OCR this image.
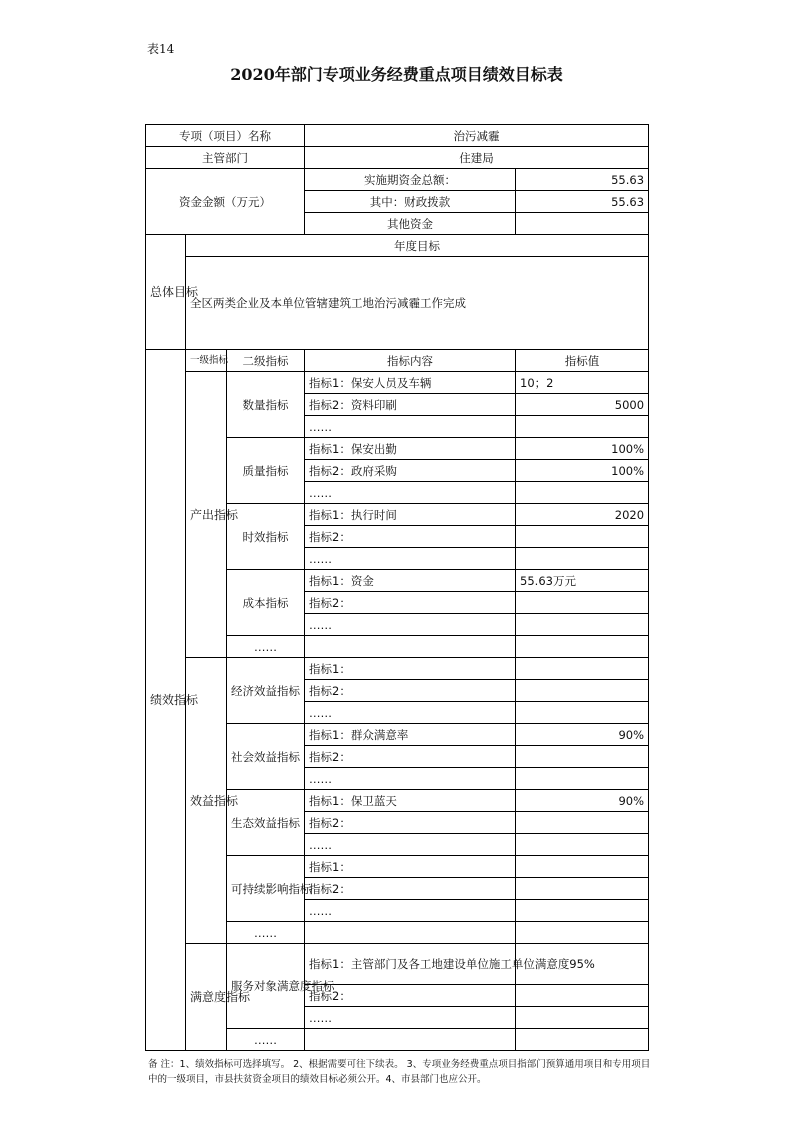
表14
2020年部门专项业务经费重点项目绩效目标表
专项（项目）名称			治污减霾	
主管部门			住建局	
资金金额（万元）			实施期资金总额：	55.63
			其中：财政拨款	55.63
			其他资金	
总体目标	年度目标			
	全区两类企业及本单位管辖建筑工地治污减霾工作完成			
绩效指标	一级指标	二级指标	指标内容	指标值
	产出指标	数量指标	指标1：保安人员及车辆	10；2
			指标2：资料印刷	5000
			……	
		质量指标	指标1：保安出勤	100%
			指标2：政府采购	100%
			……	
		时效指标	指标1：执行时间	2020
			指标2：	
			……	
		成本指标	指标1：资金	55.63万元
			指标2：	
			……	
		……		
	效益指标	经济效益指标	指标1：	
			指标2：	
			……	
		社会效益指标	指标1：群众满意率	90%
			指标2：	
			……	
		生态效益指标	指标1：保卫蓝天	90%
			指标2：	
			……	
		可持续影响指标	指标1：	
			指标2：	
			……	
		……		
	满意度指标	服务对象满意度指标	指标1：主管部门及各工地建设单位施工单位满意度	95%
			指标2：	
			……	
		……		
备 注：1、绩效指标可选择填写。 2、根据需要可往下续表。 3、专项业务经费重点项目指部门预算通用项目和专用项目中的一级项目，市县扶贫资金项目的绩效目标必须公开。4、市县部门也应公开。
